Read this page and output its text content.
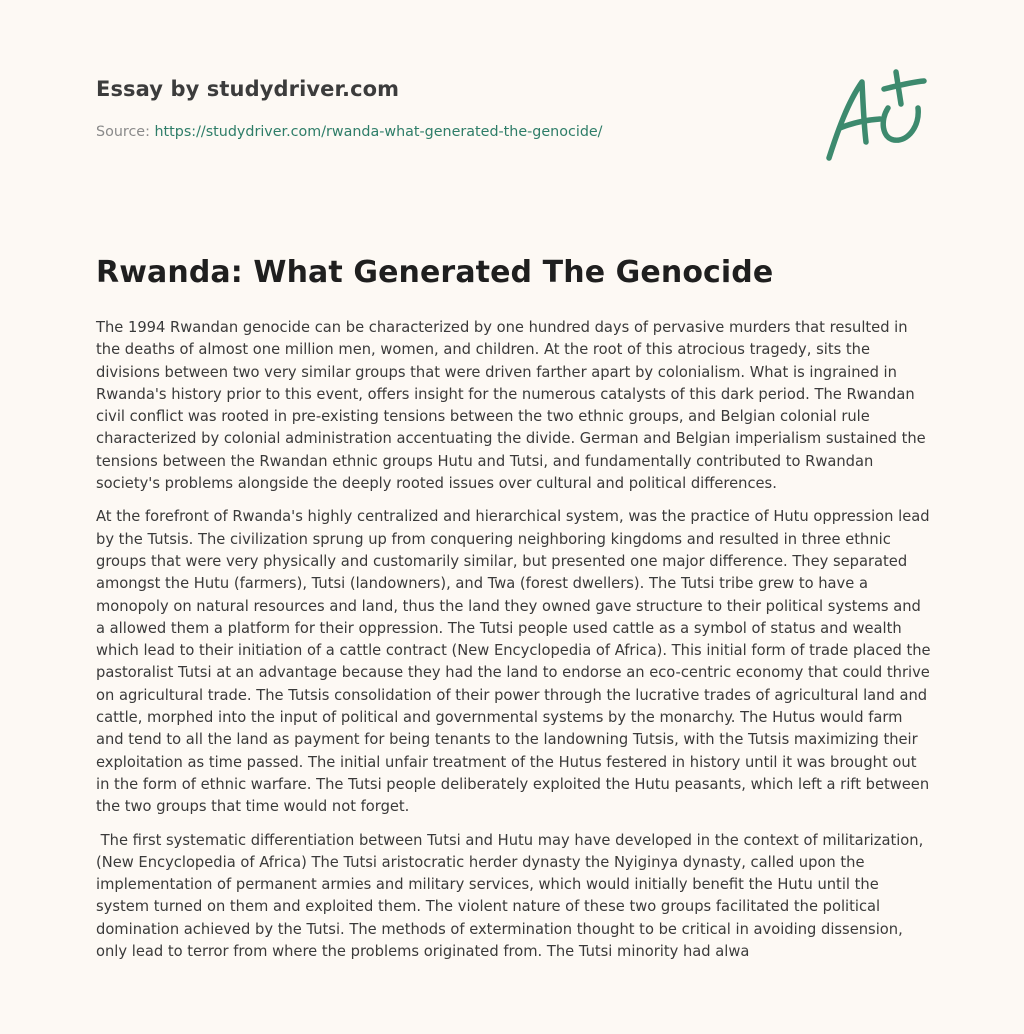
Essay by studydriver.com
Source: https://studydriver.com/rwanda-what-generated-the-genocide/
Rwanda: What Generated The Genocide

The 1994 Rwandan genocide can be characterized by one hundred days of pervasive murders that resulted in the deaths of almost one million men, women, and children. At the root of this atrocious tragedy, sits the divisions between two very similar groups that were driven farther apart by colonialism. What is ingrained in Rwanda's history prior to this event, offers insight for the numerous catalysts of this dark period. The Rwandan civil conflict was rooted in pre-existing tensions between the two ethnic groups, and Belgian colonial rule characterized by colonial administration accentuating the divide. German and Belgian imperialism sustained the tensions between the Rwandan ethnic groups Hutu and Tutsi, and fundamentally contributed to Rwandan society's problems alongside the deeply rooted issues over cultural and political differences.

At the forefront of Rwanda's highly centralized and hierarchical system, was the practice of Hutu oppression lead by the Tutsis. The civilization sprung up from conquering neighboring kingdoms and resulted in three ethnic groups that were very physically and customarily similar, but presented one major difference. They separated amongst the Hutu (farmers), Tutsi (landowners), and Twa (forest dwellers). The Tutsi tribe grew to have a monopoly on natural resources and land, thus the land they owned gave structure to their political systems and a allowed them a platform for their oppression. The Tutsi people used cattle as a symbol of status and wealth which lead to their initiation of a cattle contract (New Encyclopedia of Africa). This initial form of trade placed the pastoralist Tutsi at an advantage because they had the land to endorse an eco-centric economy that could thrive on agricultural trade. The Tutsis consolidation of their power through the lucrative trades of agricultural land and cattle, morphed into the input of political and governmental systems by the monarchy. The Hutus would farm and tend to all the land as payment for being tenants to the landowning Tutsis, with the Tutsis maximizing their exploitation as time passed. The initial unfair treatment of the Hutus festered in history until it was brought out in the form of ethnic warfare. The Tutsi people deliberately exploited the Hutu peasants, which left a rift between the two groups that time would not forget.

The first systematic differentiation between Tutsi and Hutu may have developed in the context of militarization, (New Encyclopedia of Africa) The Tutsi aristocratic herder dynasty the Nyiginya dynasty, called upon the implementation of permanent armies and military services, which would initially benefit the Hutu until the system turned on them and exploited them. The violent nature of these two groups facilitated the political domination achieved by the Tutsi. The methods of extermination thought to be critical in avoiding dissension, only lead to terror from where the problems originated from. The Tutsi minority had alwa
